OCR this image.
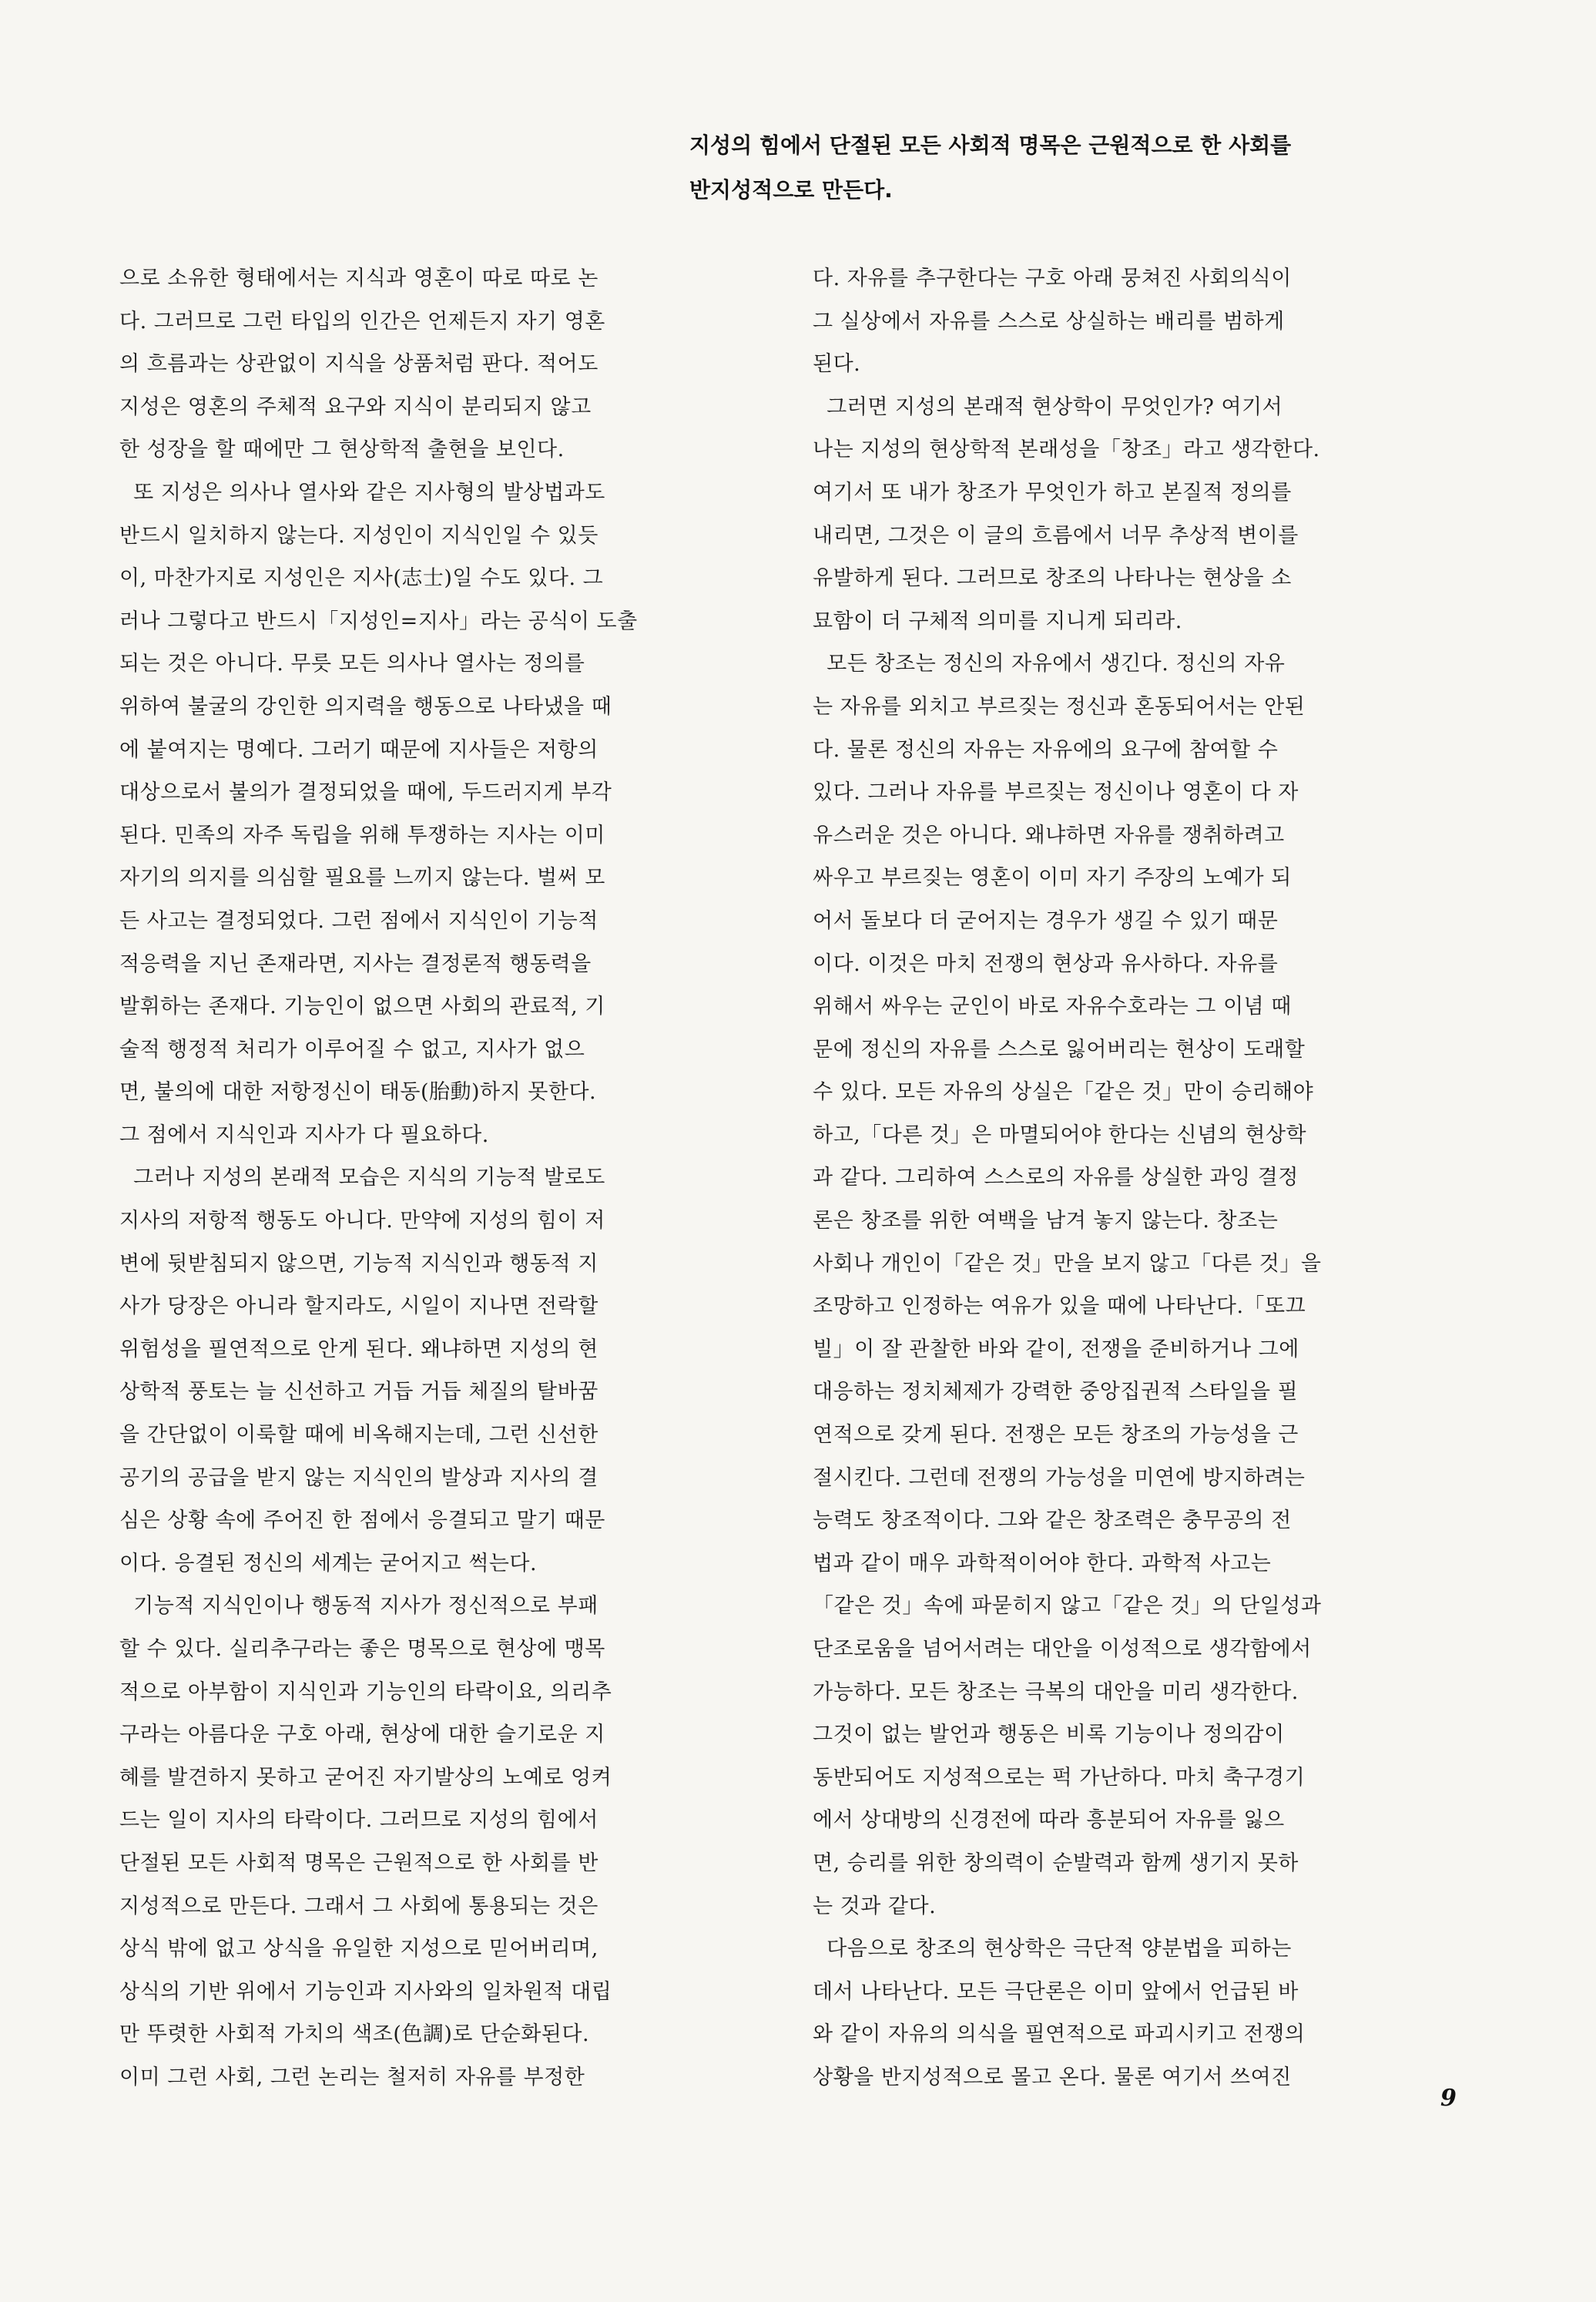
지성의 힘에서 단절된 모든 사회적 명목은 근원적으로 한 사회를
반지성적으로 만든다.
으로 소유한 형태에서는 지식과 영혼이 따로 따로 논
다. 그러므로 그런 타입의 인간은 언제든지 자기 영혼
의 흐름과는 상관없이 지식을 상품처럼 판다. 적어도
지성은 영혼의 주체적 요구와 지식이 분리되지 않고
한 성장을 할 때에만 그 현상학적 출현을 보인다.
또 지성은 의사나 열사와 같은 지사형의 발상법과도
반드시 일치하지 않는다. 지성인이 지식인일 수 있듯
이, 마찬가지로 지성인은 지사(志士)일 수도 있다. 그
러나 그렇다고 반드시「지성인=지사」라는 공식이 도출
되는 것은 아니다. 무릇 모든 의사나 열사는 정의를
위하여 불굴의 강인한 의지력을 행동으로 나타냈을 때
에 붙여지는 명예다. 그러기 때문에 지사들은 저항의
대상으로서 불의가 결정되었을 때에, 두드러지게 부각
된다. 민족의 자주 독립을 위해 투쟁하는 지사는 이미
자기의 의지를 의심할 필요를 느끼지 않는다. 벌써 모
든 사고는 결정되었다. 그런 점에서 지식인이 기능적
적응력을 지닌 존재라면, 지사는 결정론적 행동력을
발휘하는 존재다. 기능인이 없으면 사회의 관료적, 기
술적 행정적 처리가 이루어질 수 없고, 지사가 없으
면, 불의에 대한 저항정신이 태동(胎動)하지 못한다.
그 점에서 지식인과 지사가 다 필요하다.
그러나 지성의 본래적 모습은 지식의 기능적 발로도
지사의 저항적 행동도 아니다. 만약에 지성의 힘이 저
변에 뒷받침되지 않으면, 기능적 지식인과 행동적 지
사가 당장은 아니라 할지라도, 시일이 지나면 전락할
위험성을 필연적으로 안게 된다. 왜냐하면 지성의 현
상학적 풍토는 늘 신선하고 거듭 거듭 체질의 탈바꿈
을 간단없이 이룩할 때에 비옥해지는데, 그런 신선한
공기의 공급을 받지 않는 지식인의 발상과 지사의 결
심은 상황 속에 주어진 한 점에서 응결되고 말기 때문
이다. 응결된 정신의 세계는 굳어지고 썩는다.
기능적 지식인이나 행동적 지사가 정신적으로 부패
할 수 있다. 실리추구라는 좋은 명목으로 현상에 맹목
적으로 아부함이 지식인과 기능인의 타락이요, 의리추
구라는 아름다운 구호 아래, 현상에 대한 슬기로운 지
혜를 발견하지 못하고 굳어진 자기발상의 노예로 엉켜
드는 일이 지사의 타락이다. 그러므로 지성의 힘에서
단절된 모든 사회적 명목은 근원적으로 한 사회를 반
지성적으로 만든다. 그래서 그 사회에 통용되는 것은
상식 밖에 없고 상식을 유일한 지성으로 믿어버리며,
상식의 기반 위에서 기능인과 지사와의 일차원적 대립
만 뚜렷한 사회적 가치의 색조(色調)로 단순화된다.
이미 그런 사회, 그런 논리는 철저히 자유를 부정한
다. 자유를 추구한다는 구호 아래 뭉쳐진 사회의식이
그 실상에서 자유를 스스로 상실하는 배리를 범하게
된다.
그러면 지성의 본래적 현상학이 무엇인가? 여기서
나는 지성의 현상학적 본래성을「창조」라고 생각한다.
여기서 또 내가 창조가 무엇인가 하고 본질적 정의를
내리면, 그것은 이 글의 흐름에서 너무 추상적 변이를
유발하게 된다. 그러므로 창조의 나타나는 현상을 소
묘함이 더 구체적 의미를 지니게 되리라.
모든 창조는 정신의 자유에서 생긴다. 정신의 자유
는 자유를 외치고 부르짖는 정신과 혼동되어서는 안된
다. 물론 정신의 자유는 자유에의 요구에 참여할 수
있다. 그러나 자유를 부르짖는 정신이나 영혼이 다 자
유스러운 것은 아니다. 왜냐하면 자유를 쟁취하려고
싸우고 부르짖는 영혼이 이미 자기 주장의 노예가 되
어서 돌보다 더 굳어지는 경우가 생길 수 있기 때문
이다. 이것은 마치 전쟁의 현상과 유사하다. 자유를
위해서 싸우는 군인이 바로 자유수호라는 그 이념 때
문에 정신의 자유를 스스로 잃어버리는 현상이 도래할
수 있다. 모든 자유의 상실은「같은 것」만이 승리해야
하고,「다른 것」은 마멸되어야 한다는 신념의 현상학
과 같다. 그리하여 스스로의 자유를 상실한 과잉 결정
론은 창조를 위한 여백을 남겨 놓지 않는다. 창조는
사회나 개인이「같은 것」만을 보지 않고「다른 것」을
조망하고 인정하는 여유가 있을 때에 나타난다.「또끄
빌」이 잘 관찰한 바와 같이, 전쟁을 준비하거나 그에
대응하는 정치체제가 강력한 중앙집권적 스타일을 필
연적으로 갖게 된다. 전쟁은 모든 창조의 가능성을 근
절시킨다. 그런데 전쟁의 가능성을 미연에 방지하려는
능력도 창조적이다. 그와 같은 창조력은 충무공의 전
법과 같이 매우 과학적이어야 한다. 과학적 사고는
「같은 것」속에 파묻히지 않고「같은 것」의 단일성과
단조로움을 넘어서려는 대안을 이성적으로 생각함에서
가능하다. 모든 창조는 극복의 대안을 미리 생각한다.
그것이 없는 발언과 행동은 비록 기능이나 정의감이
동반되어도 지성적으로는 퍽 가난하다. 마치 축구경기
에서 상대방의 신경전에 따라 흥분되어 자유를 잃으
면, 승리를 위한 창의력이 순발력과 함께 생기지 못하
는 것과 같다.
다음으로 창조의 현상학은 극단적 양분법을 피하는
데서 나타난다. 모든 극단론은 이미 앞에서 언급된 바
와 같이 자유의 의식을 필연적으로 파괴시키고 전쟁의
상황을 반지성적으로 몰고 온다. 물론 여기서 쓰여진
9
